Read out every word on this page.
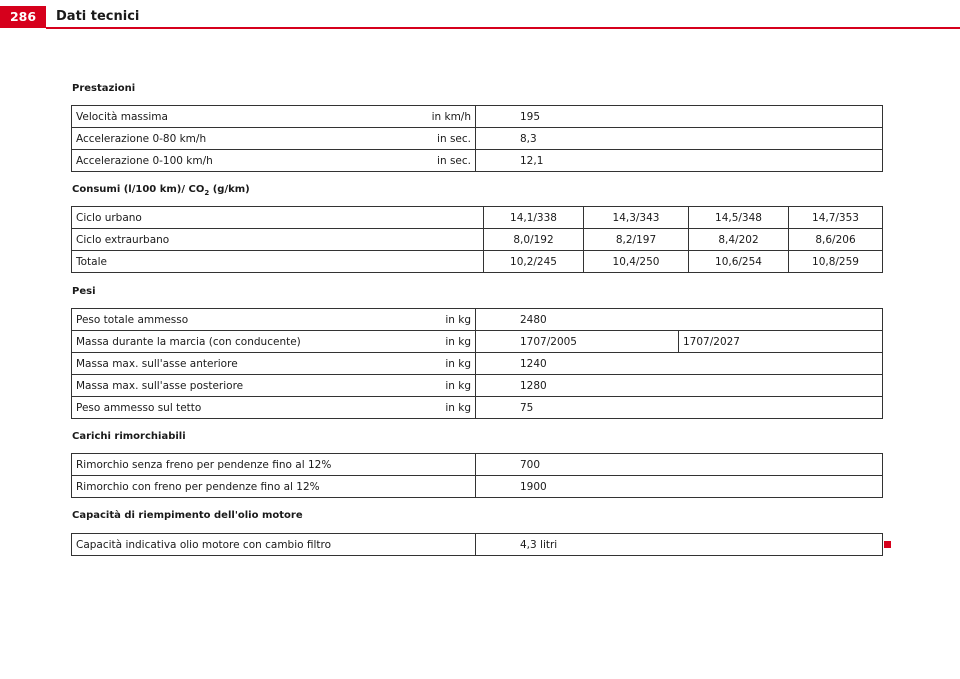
286	Dati tecnici
Prestazioni
Velocità massima	in km/h	195
Accelerazione 0-80 km/h	in sec.	8,3
Accelerazione 0-100 km/h	in sec.	12,1
Consumi (l/100 km)/ $CO_2$ (g/km)
Ciclo urbano	14,1/338	14,3/343	14,5/348	14,7/353
Ciclo extraurbano	8,0/192	8,2/197	8,4/202	8,6/206
Totale	10,2/245	10,4/250	10,6/254	10,8/259
Pesi
Peso totale ammesso	in kg	2480	
Massa durante la marcia (con conducente)	in kg	1707/2005	1707/2027
Massa max. sull'asse anteriore	in kg	1240	
Massa max. sull'asse posteriore	in kg	1280	
Peso ammesso sul tetto	in kg	75	
Carichi rimorchiabili
Rimorchio senza freno per pendenze fino al 12%	700
Rimorchio con freno per pendenze fino al 12%	1900
Capacità di riempimento dell'olio motore
Capacità indicativa olio motore con cambio filtro	4,3 litri
